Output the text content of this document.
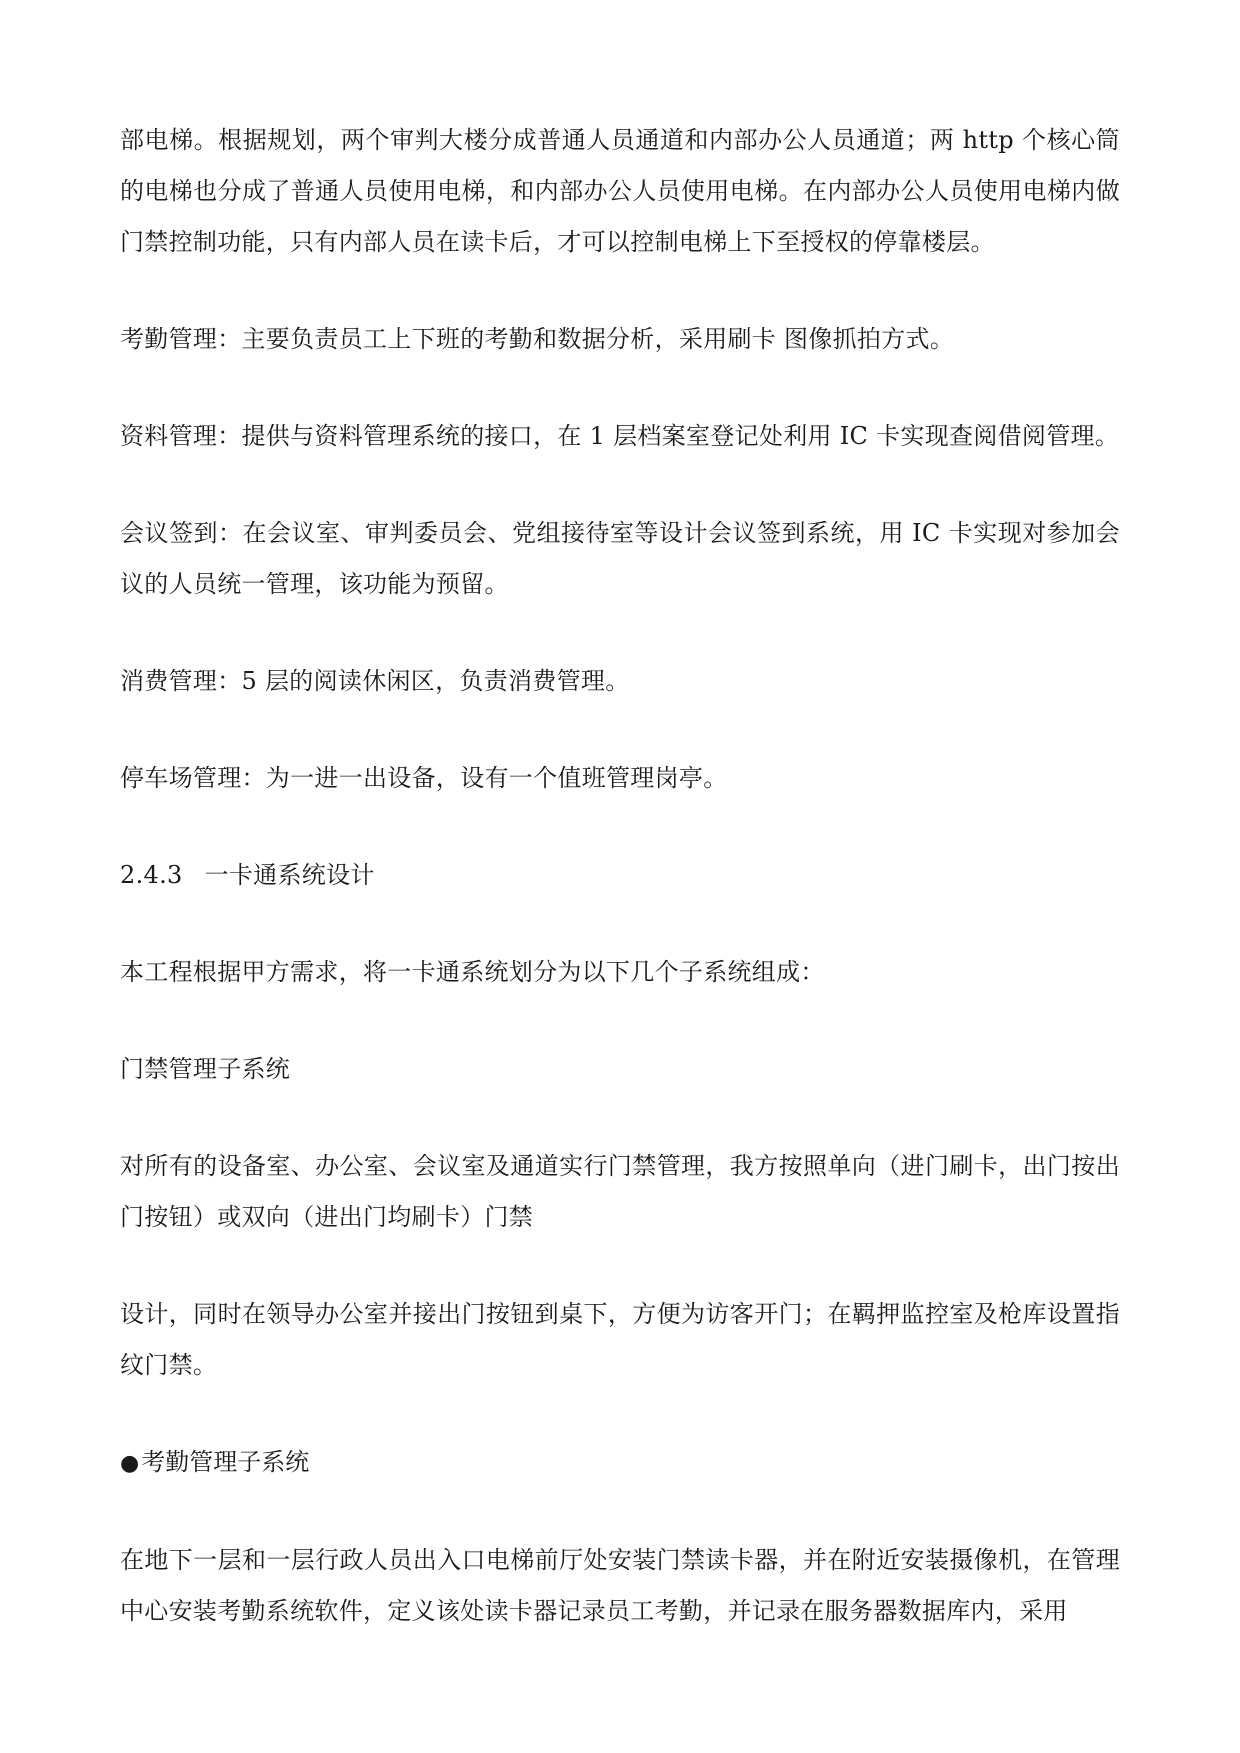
部电梯。根据规划，两个审判大楼分成普通人员通道和内部办公人员通道；两 http 个核心筒的电梯也分成了普通人员使用电梯，和内部办公人员使用电梯。在内部办公人员使用电梯内做门禁控制功能，只有内部人员在读卡后，才可以控制电梯上下至授权的停靠楼层。

考勤管理：主要负责员工上下班的考勤和数据分析，采用刷卡 图像抓拍方式。

资料管理：提供与资料管理系统的接口，在 1 层档案室登记处利用 IC 卡实现查阅借阅管理。

会议签到：在会议室、审判委员会、党组接待室等设计会议签到系统，用 IC 卡实现对参加会议的人员统一管理，该功能为预留。

消费管理：5 层的阅读休闲区，负责消费管理。

停车场管理：为一进一出设备，设有一个值班管理岗亭。

2.4.3 一卡通系统设计

本工程根据甲方需求，将一卡通系统划分为以下几个子系统组成：

门禁管理子系统

对所有的设备室、办公室、会议室及通道实行门禁管理，我方按照单向（进门刷卡，出门按出门按钮）或双向（进出门均刷卡）门禁

设计，同时在领导办公室并接出门按钮到桌下，方便为访客开门；在羁押监控室及枪库设置指纹门禁。

●考勤管理子系统

在地下一层和一层行政人员出入口电梯前厅处安装门禁读卡器，并在附近安装摄像机，在管理中心安装考勤系统软件，定义该处读卡器记录员工考勤，并记录在服务器数据库内，采用
